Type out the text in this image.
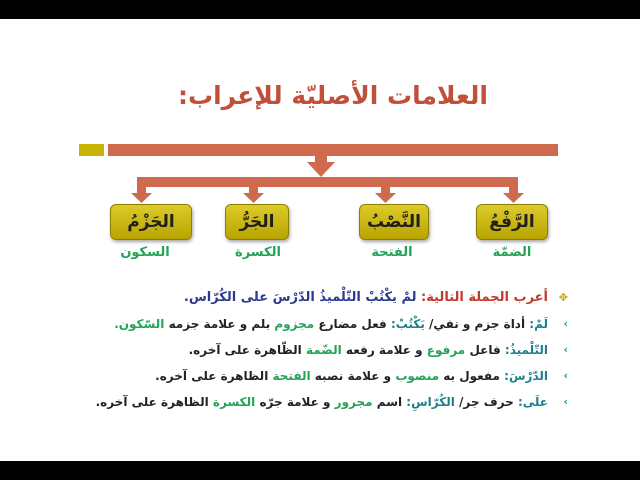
العلامات الأصليّة للإعراب:
الجَزْمُ	الجَرُّ	النَّصْبُ	الرَّفْعُ
السكون	الكسرة	الفتحة	الضمّة
✥
أعرب الجملة التالية: لمْ يكْتُبْ التّلْميذُ الدّرْسَ على الكُرّاس.
›
لَمْ: أداة جزم و نفي/ يَكْتُبْ: فعل مضارع مجزوم بلم و علامة جزمه السّكون.
›
التّلْميذُ: فاعل مرفوع و علامة رفعه الضّمة الظّاهرة على آخره.
›
الدّرْسَ: مفعول به منصوب و علامة نصبه الفتحة الظاهرة على آخره.
›
علَى: حرف جر/ الكُرّاسِ: اسم مجرور و علامة جرّه الكسرة الظاهرة على آخره.
